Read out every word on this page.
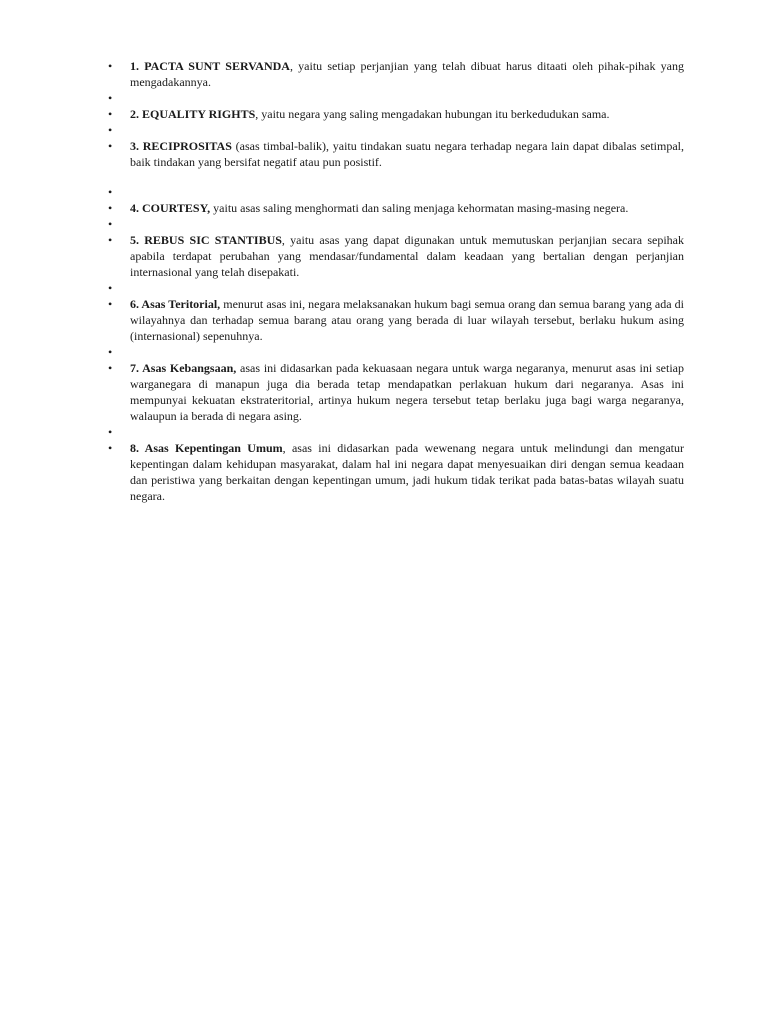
•	1. PACTA SUNT SERVANDA, yaitu setiap perjanjian yang telah dibuat harus ditaati oleh pihak-pihak yang mengadakannya.
•
•	2. EQUALITY RIGHTS, yaitu negara yang saling mengadakan hubungan itu berkedudukan sama.
•
•	3. RECIPROSITAS (asas timbal-balik), yaitu tindakan suatu negara terhadap negara lain dapat dibalas setimpal, baik tindakan yang bersifat negatif atau pun posistif.
•
•	4. COURTESY, yaitu asas saling menghormati dan saling menjaga kehormatan masing-masing negera.
•
•	5. REBUS SIC STANTIBUS, yaitu asas yang dapat digunakan untuk memutuskan perjanjian secara sepihak apabila terdapat perubahan yang mendasar/fundamental dalam keadaan yang bertalian dengan perjanjian internasional yang telah disepakati.
•
•	6. Asas Teritorial, menurut asas ini, negara melaksanakan hukum bagi semua orang dan semua barang yang ada di wilayahnya dan terhadap semua barang atau orang yang berada di luar wilayah tersebut, berlaku hukum asing (internasional) sepenuhnya.
•
•	7. Asas Kebangsaan, asas ini didasarkan pada kekuasaan negara untuk warga negaranya, menurut asas ini setiap warganegara di manapun juga dia berada tetap mendapatkan perlakuan hukum dari negaranya. Asas ini mempunyai kekuatan ekstrateritorial, artinya hukum negera tersebut tetap berlaku juga bagi warga negaranya, walaupun ia berada di negara asing.
•
•	8. Asas Kepentingan Umum, asas ini didasarkan pada wewenang negara untuk melindungi dan mengatur kepentingan dalam kehidupan masyarakat, dalam hal ini negara dapat menyesuaikan diri dengan semua keadaan dan peristiwa yang berkaitan dengan kepentingan umum, jadi hukum tidak terikat pada batas-batas wilayah suatu negara.
